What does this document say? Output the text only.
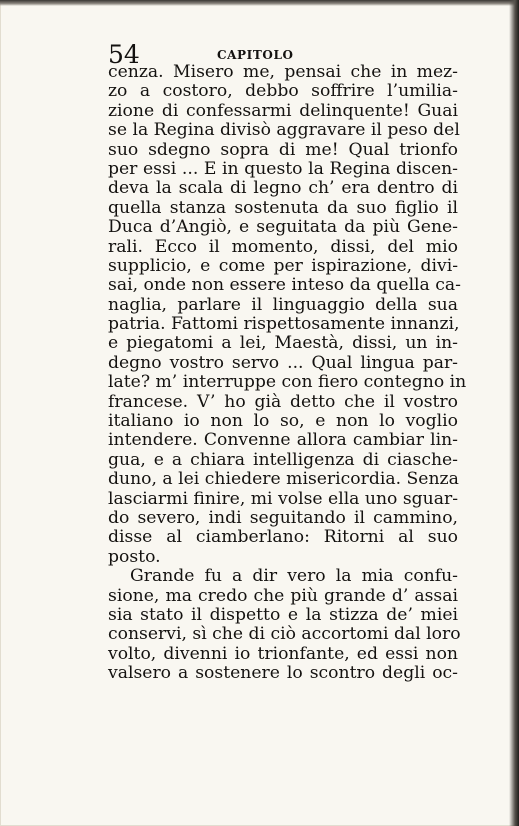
54	CAPITOLO
cenza. Misero me, pensai che in mez-
zo a costoro, debbo soffrire l’umilia-
zione di confessarmi delinquente! Guai
se la Regina divisò aggravare il peso del
suo sdegno sopra di me! Qual trionfo
per essi ... E in questo la Regina discen-
deva la scala di legno ch’ era dentro di
quella stanza sostenuta da suo figlio il
Duca d’Angiò, e seguitata da più Gene-
rali. Ecco il momento, dissi, del mio
supplicio, e come per ispirazione, divi-
sai, onde non essere inteso da quella ca-
naglia, parlare il linguaggio della sua
patria. Fattomi rispettosamente innanzi,
e piegatomi a lei, Maestà, dissi, un in-
degno vostro servo ... Qual lingua par-
late? m’ interruppe con fiero contegno in
francese. V’ ho già detto che il vostro
italiano io non lo so, e non lo voglio
intendere. Convenne allora cambiar lin-
gua, e a chiara intelligenza di ciasche-
duno, a lei chiedere misericordia. Senza
lasciarmi finire, mi volse ella uno sguar-
do severo, indi seguitando il cammino,
disse al ciamberlano: Ritorni al suo
posto.
Grande fu a dir vero la mia confu-
sione, ma credo che più grande d’ assai
sia stato il dispetto e la stizza de’ miei
conservi, sì che di ciò accortomi dal loro
volto, divenni io trionfante, ed essi non
valsero a sostenere lo scontro degli oc-
